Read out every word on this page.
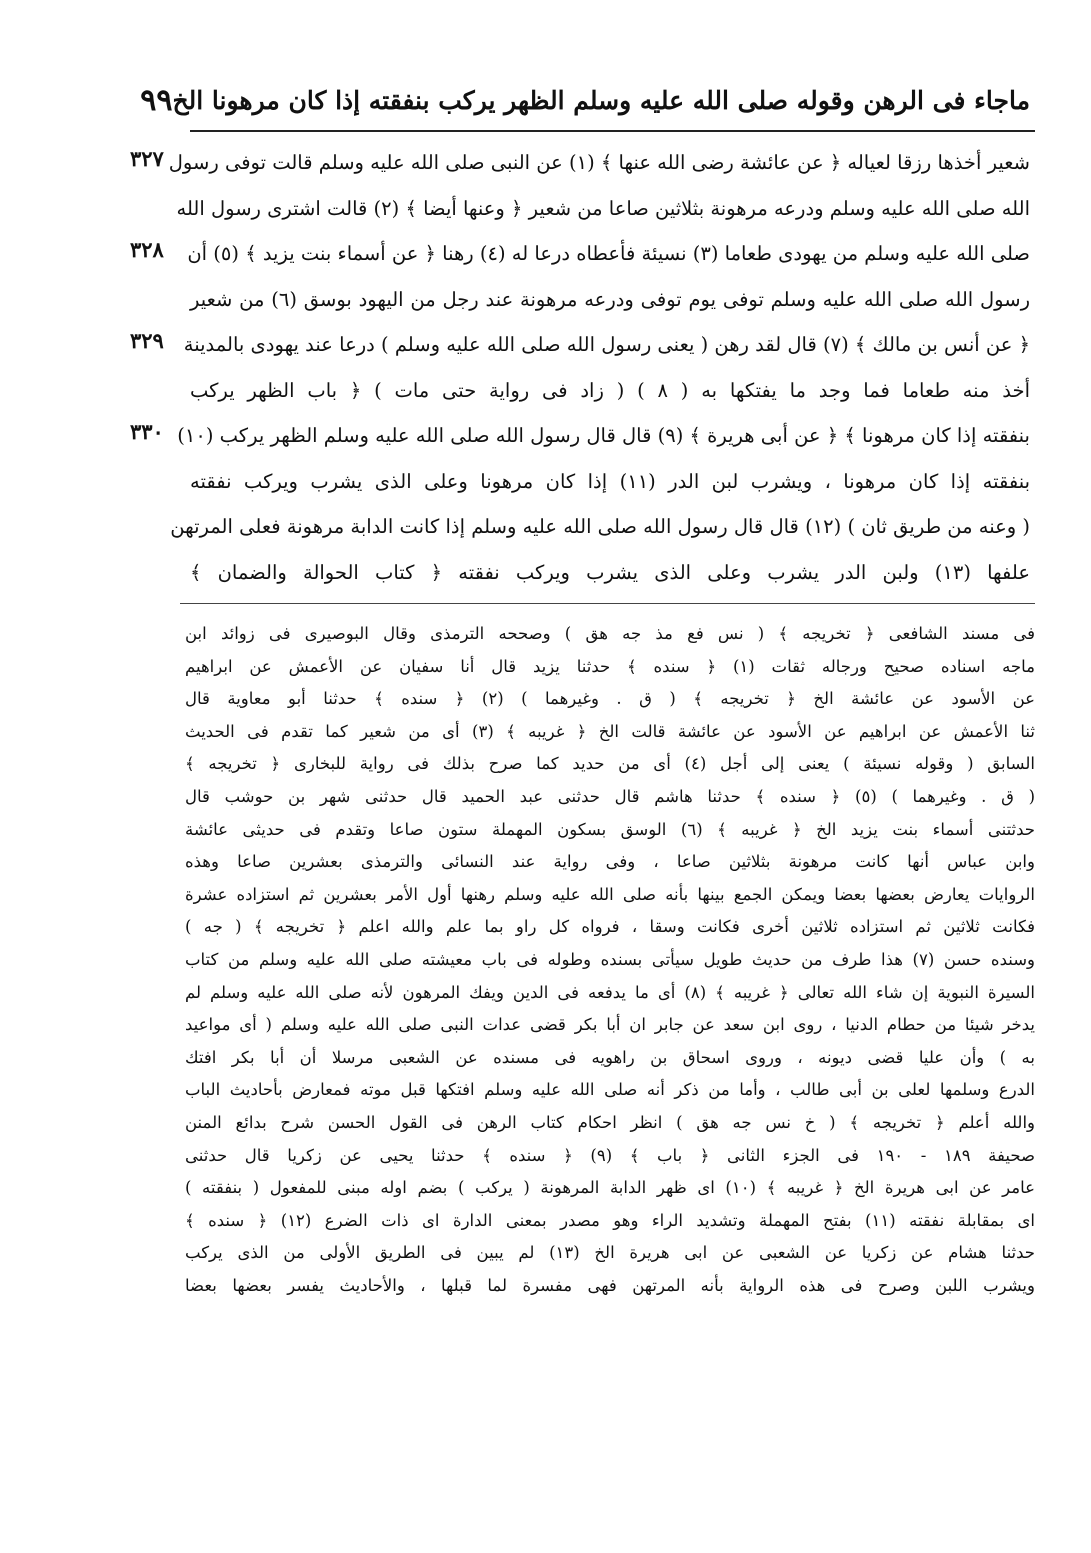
ماجاء فى الرهن وقوله صلى الله عليه وسلم الظهر يركب بنفقته إذا كان مرهونا الخ
٩٩
٣٢٧
٣٢٨
٣٢٩
٣٣٠
شعير أخذها رزقا لعياله ﴿ عن عائشة رضى الله عنها ﴾ (١) عن النبى صلى الله عليه وسلم قالت توفى رسول
الله صلى الله عليه وسلم ودرعه مرهونة بثلاثين صاعا من شعير ﴿ وعنها أيضا ﴾ (٢) قالت اشترى رسول الله
صلى الله عليه وسلم من يهودى طعاما (٣) نسيئة فأعطاه درعا له (٤) رهنا ﴿ عن أسماء بنت يزيد ﴾ (٥) أن
رسول الله صلى الله عليه وسلم توفى يوم توفى ودرعه مرهونة عند رجل من اليهود بوسق (٦) من شعير
﴿ عن أنس بن مالك ﴾ (٧) قال لقد رهن ( يعنى رسول الله صلى الله عليه وسلم ) درعا عند يهودى بالمدينة
أخذ منه طعاما فما وجد ما يفتكها به ( ٨ ) ( زاد فى رواية حتى مات ) ﴿ باب الظهر يركب
بنفقته إذا كان مرهونا ﴾ ﴿ عن أبى هريرة ﴾ (٩) قال قال رسول الله صلى الله عليه وسلم الظهر يركب (١٠)
بنفقته إذا كان مرهونا ، ويشرب لبن الدر (١١) إذا كان مرهونا وعلى الذى يشرب ويركب نفقته
( وعنه من طريق ثان ) (١٢) قال قال رسول الله صلى الله عليه وسلم إذا كانت الدابة مرهونة فعلى المرتهن
علفها (١٣) ولبن الدر يشرب وعلى الذى يشرب ويركب نفقته ﴿ كتاب الحوالة والضمان ﴾
فى مسند الشافعى ﴿ تخريجه ﴾ ( نس فع مذ جه هق ) وصححه الترمذى وقال البوصيرى فى زوائد ابن
ماجه اسناده صحيح ورجاله ثقات (١) ﴿ سنده ﴾ حدثنا يزيد قال أنا سفيان عن الأعمش عن ابراهيم
عن الأسود عن عائشة الخ ﴿ تخريجه ﴾ ( ق . وغيرهما ) (٢) ﴿ سنده ﴾ حدثنا أبو معاوية قال
ثنا الأعمش عن ابراهيم عن الأسود عن عائشة قالت الخ ﴿ غريبه ﴾ (٣) أى من شعير كما تقدم فى الحديث
السابق ( وقوله نسيئة ) يعنى إلى أجل (٤) أى من حديد كما صرح بذلك فى رواية للبخارى ﴿ تخريجه ﴾
( ق . وغيرهما ) (٥) ﴿ سنده ﴾ حدثنا هاشم قال حدثنى عبد الحميد قال حدثنى شهر بن حوشب قال
حدثتنى أسماء بنت يزيد الخ ﴿ غريبه ﴾ (٦) الوسق بسكون المهملة ستون صاعا وتقدم فى حديثى عائشة
وابن عباس أنها كانت مرهونة بثلاثين صاعا ، وفى رواية عند النسائى والترمذى بعشرين صاعا وهذه
الروايات يعارض بعضها بعضا ويمكن الجمع بينها بأنه صلى الله عليه وسلم رهنها أول الأمر بعشرين ثم استزاده عشرة
فكانت ثلاثين ثم استزاده ثلاثين أخرى فكانت وسقا ، فرواه كل راو بما علم والله اعلم ﴿ تخريجه ﴾ ( جه )
وسنده حسن (٧) هذا طرف من حديث طويل سيأتى بسنده وطوله فى باب معيشته صلى الله عليه وسلم من كتاب
السيرة النبوية إن شاء الله تعالى ﴿ غريبه ﴾ (٨) أى ما يدفعه فى الدين ويفك المرهون لأنه صلى الله عليه وسلم لم
يدخر شيئا من حطام الدنيا ، روى ابن سعد عن جابر ان أبا بكر قضى عدات النبى صلى الله عليه وسلم ( أى مواعيد
به ) وأن عليا قضى ديونه ، وروى اسحاق بن راهويه فى مسنده عن الشعبى مرسلا أن أبا بكر افتك
الدرع وسلمها لعلى بن أبى طالب ، وأما من ذكر أنه صلى الله عليه وسلم افتكها قبل موته فمعارض بأحاديث الباب
والله أعلم ﴿ تخريجه ﴾ ( خ نس جه هق ) انظر احكام كتاب الرهن فى القول الحسن شرح بدائع المنن
صحيفة ١٨٩ - ١٩٠ فى الجزء الثانى ﴿ باب ﴾ (٩) ﴿ سنده ﴾ حدثنا يحيى عن زكريا قال حدثنى
عامر عن ابى هريرة الخ ﴿ غريبه ﴾ (١٠) اى ظهر الدابة المرهونة ( يركب ) بضم اوله مبنى للمفعول ( بنفقته )
اى بمقابلة نفقته (١١) بفتح المهملة وتشديد الراء وهو مصدر بمعنى الدارة اى ذات الضرع (١٢) ﴿ سنده ﴾
حدثنا هشام عن زكريا عن الشعبى عن ابى هريرة الخ (١٣) لم يبين فى الطريق الأولى من الذى يركب
ويشرب اللبن وصرح فى هذه الرواية بأنه المرتهن فهى مفسرة لما قبلها ، والأحاديث يفسر بعضها بعضا
